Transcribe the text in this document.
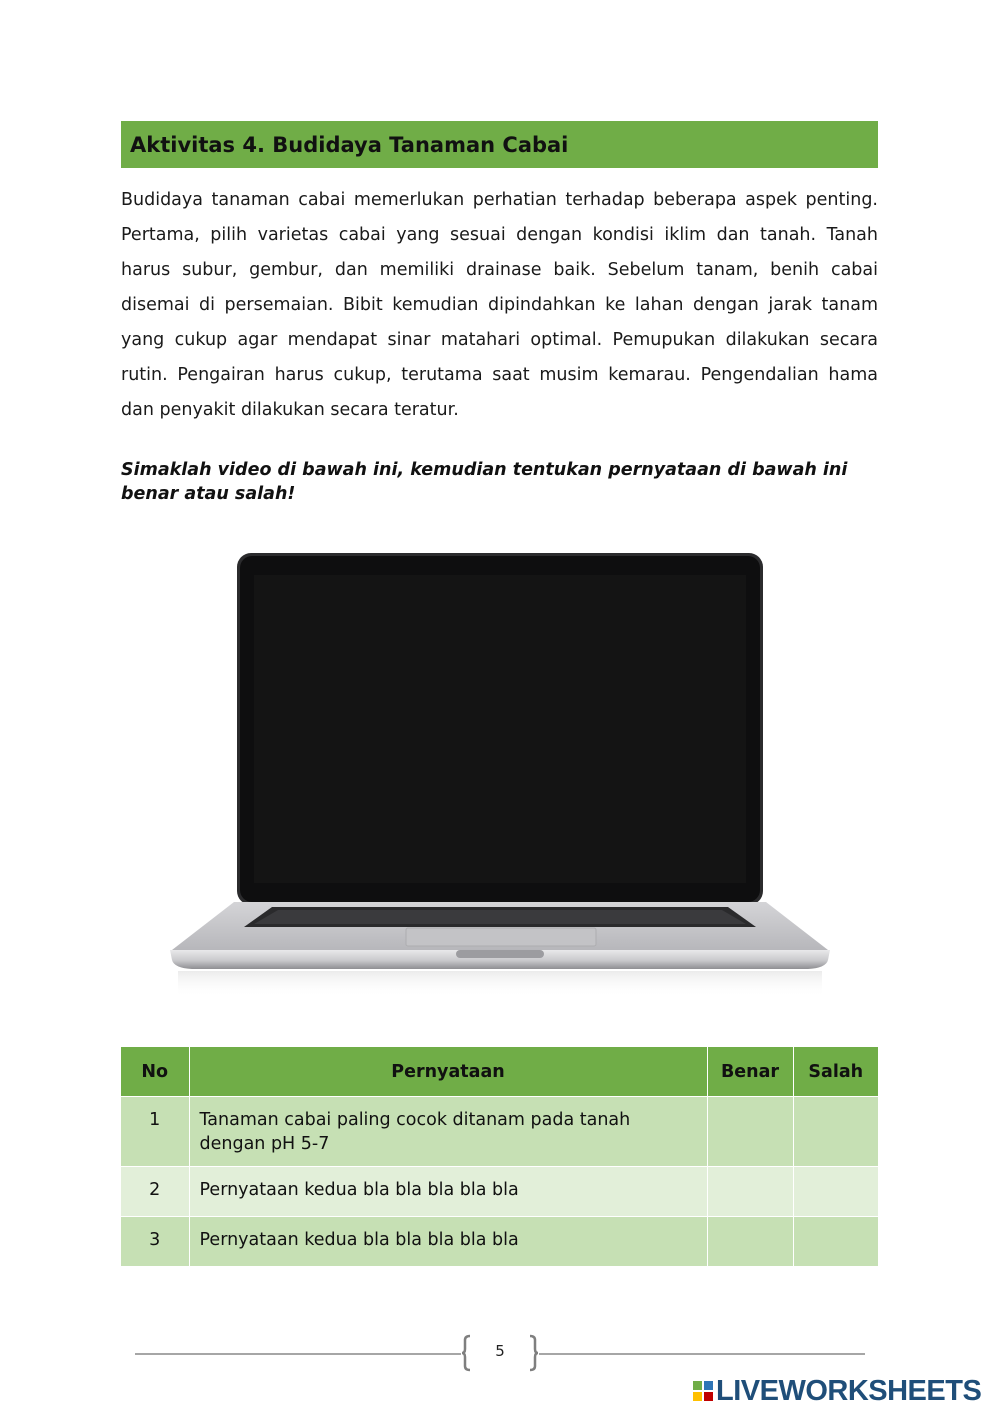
Aktivitas 4. Budidaya Tanaman Cabai

Budidaya tanaman cabai memerlukan perhatian terhadap beberapa aspek penting. Pertama, pilih varietas cabai yang sesuai dengan kondisi iklim dan tanah. Tanah harus subur, gembur, dan memiliki drainase baik. Sebelum tanam, benih cabai disemai di persemaian. Bibit kemudian dipindahkan ke lahan dengan jarak tanam yang cukup agar mendapat sinar matahari optimal. Pemupukan dilakukan secara rutin. Pengairan harus cukup, terutama saat musim kemarau. Pengendalian hama dan penyakit dilakukan secara teratur.

Simaklah video di bawah ini, kemudian tentukan pernyataan di bawah ini benar atau salah!

No	Pernyataan	Benar	Salah
1	Tanaman cabai paling cocok ditanam pada tanah dengan pH 5-7		
2	Pernyataan kedua bla bla bla bla bla		
3	Pernyataan kedua bla bla bla bla bla		
5
LIVEWORKSHEETS
